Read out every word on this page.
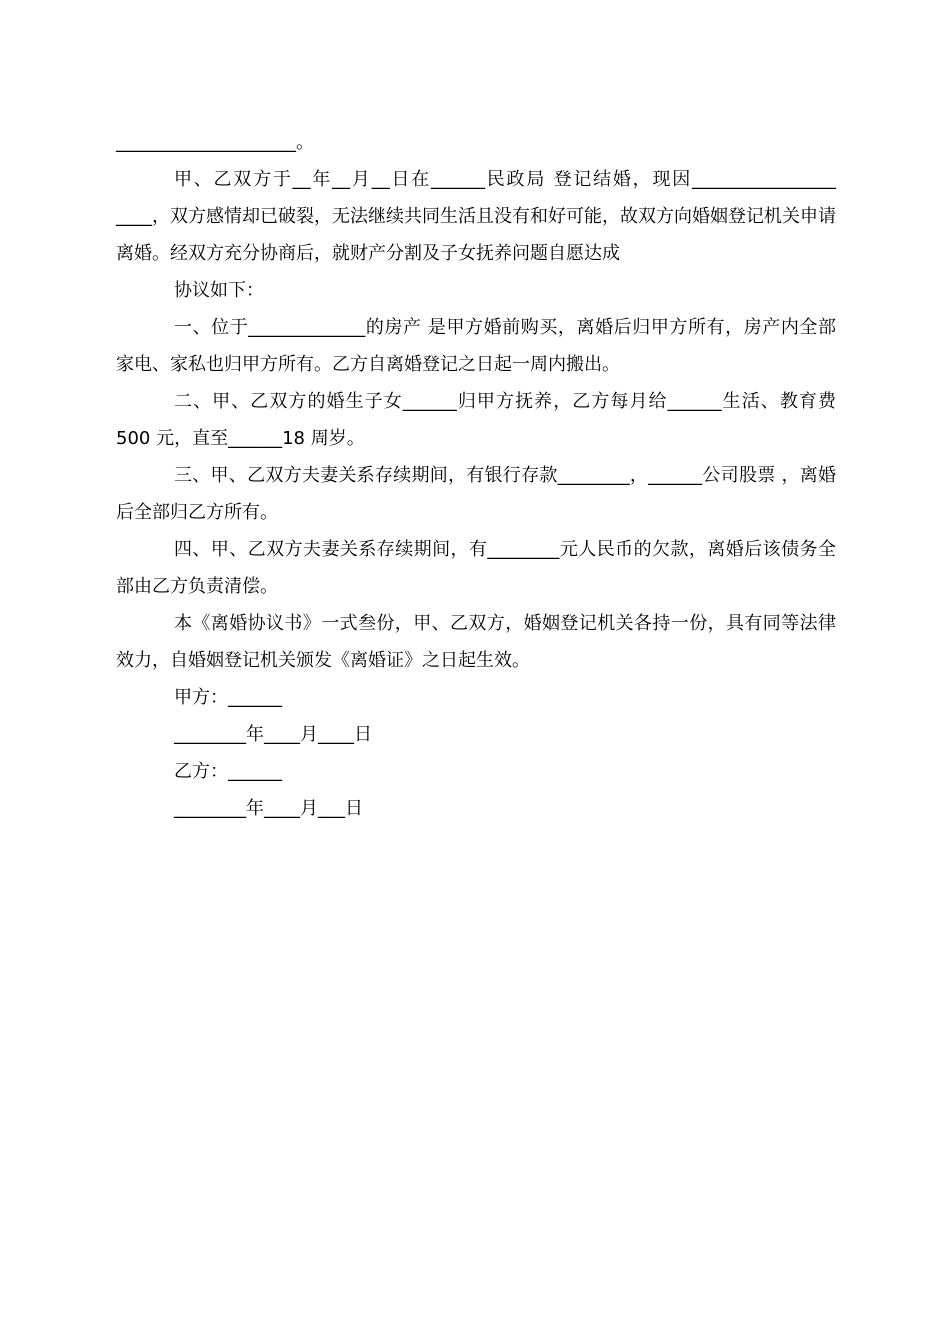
____________________。

甲、乙双方于__年__月__日在______民政局 登记结婚，现因________________ ____，双方感情却已破裂，无法继续共同生活且没有和好可能，故双方向婚姻登记机关申请离婚。经双方充分协商后，就财产分割及子女抚养问题自愿达成

协议如下：

一、位于_____________的房产 是甲方婚前购买，离婚后归甲方所有，房产内全部家电、家私也归甲方所有。乙方自离婚登记之日起一周内搬出。

二、甲、乙双方的婚生子女______归甲方抚养，乙方每月给______生活、教育费 500 元，直至______18 周岁。

三、甲、乙双方夫妻关系存续期间，有银行存款________，______公司股票 ，离婚后全部归乙方所有。

四、甲、乙双方夫妻关系存续期间，有________元人民币的欠款，离婚后该债务全部由乙方负责清偿。

本《离婚协议书》一式叁份，甲、乙双方，婚姻登记机关各持一份，具有同等法律效力，自婚姻登记机关颁发《离婚证》之日起生效。

甲方：______

________年____月____日

乙方：______

________年____月___日
